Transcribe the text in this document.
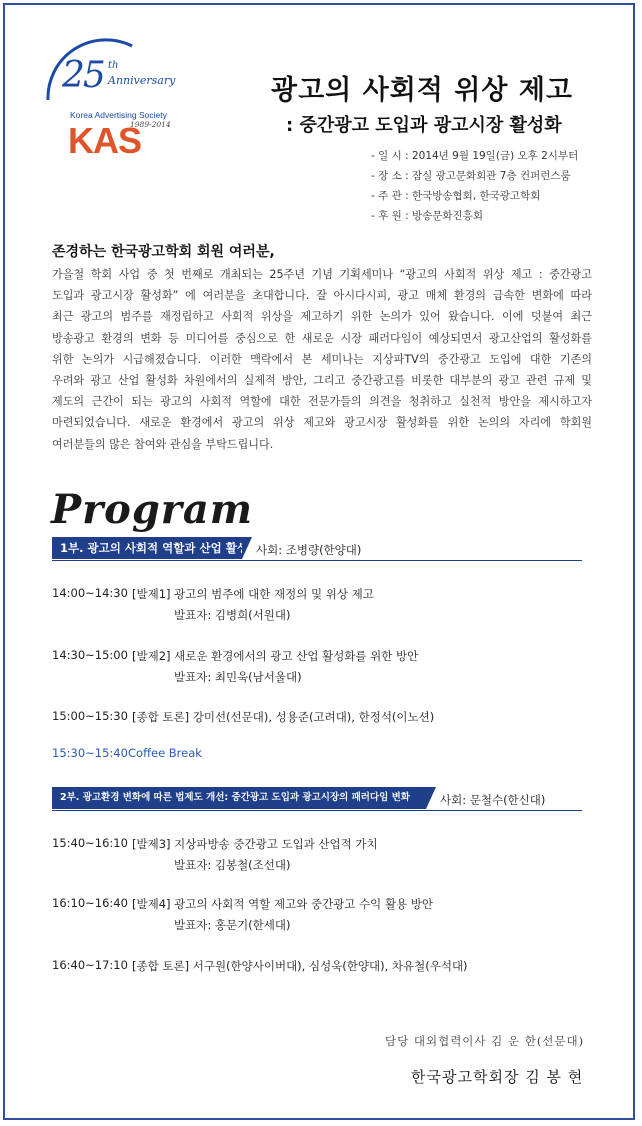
25 th
Anniversary
Korea Advertising Society
KAS
1989-2014
광고의 사회적 위상 제고
: 중간광고 도입과 광고시장 활성화
- 일 시 : 2014년 9월 19일(금) 오후 2시부터
- 장 소 : 잠실 광고문화회관 7층 컨퍼런스룸
- 주 관 : 한국방송협회, 한국광고학회
- 후 원 : 방송문화진흥회
존경하는 한국광고학회 회원 여러분,
가을철 학회 사업 중 첫 번째로 개최되는 25주년 기념 기획세미나 “광고의 사회적 위상 제고 : 중간광고
도입과 광고시장 활성화” 에 여러분을 초대합니다. 잘 아시다시피, 광고 매체 환경의 급속한 변화에 따라
최근 광고의 범주를 재정립하고 사회적 위상을 제고하기 위한 논의가 있어 왔습니다. 이에 덧붙여 최근
방송광고 환경의 변화 등 미디어를 중심으로 한 새로운 시장 패러다임이 예상되면서 광고산업의 활성화를
위한 논의가 시급해졌습니다. 이러한 맥락에서 본 세미나는 지상파TV의 중간광고 도입에 대한 기존의
우려와 광고 산업 활성화 차원에서의 실제적 방안, 그리고 중간광고를 비롯한 대부분의 광고 관련 규제 및
제도의 근간이 되는 광고의 사회적 역할에 대한 전문가들의 의견을 청취하고 실천적 방안을 제시하고자
마련되었습니다. 새로운 환경에서 광고의 위상 제고와 광고시장 활성화를 위한 논의의 자리에 학회원
여러분들의 많은 참여와 관심을 부탁드립니다.
Program
1부. 광고의 사회적 역할과 산업 활성화
사회: 조병량(한양대)
14:00~14:30 [발제1] 광고의 범주에 대한 재정의 및 위상 제고
발표자: 김병희(서원대)
14:30~15:00 [발제2] 새로운 환경에서의 광고 산업 활성화를 위한 방안
발표자: 최민욱(남서울대)
15:00~15:30 [종합 토론] 강미선(선문대), 성용준(고려대), 한정석(이노션)
15:30~15:40 Coffee Break
2부. 광고환경 변화에 따른 법제도 개선: 중간광고 도입과 광고시장의 패러다임 변화	사회: 문철수(한신대)
15:40~16:10 [발제3] 지상파방송 중간광고 도입과 산업적 가치
발표자: 김봉철(조선대)
16:10~16:40 [발제4] 광고의 사회적 역할 제고와 중간광고 수익 활용 방안
발표자: 홍문기(한세대)
16:40~17:10 [종합 토론] 서구원(한양사이버대), 심성욱(한양대), 차유철(우석대)
담당 대외협력이사 김 운 한(선문대)
한국광고학회장 김 봉 현
